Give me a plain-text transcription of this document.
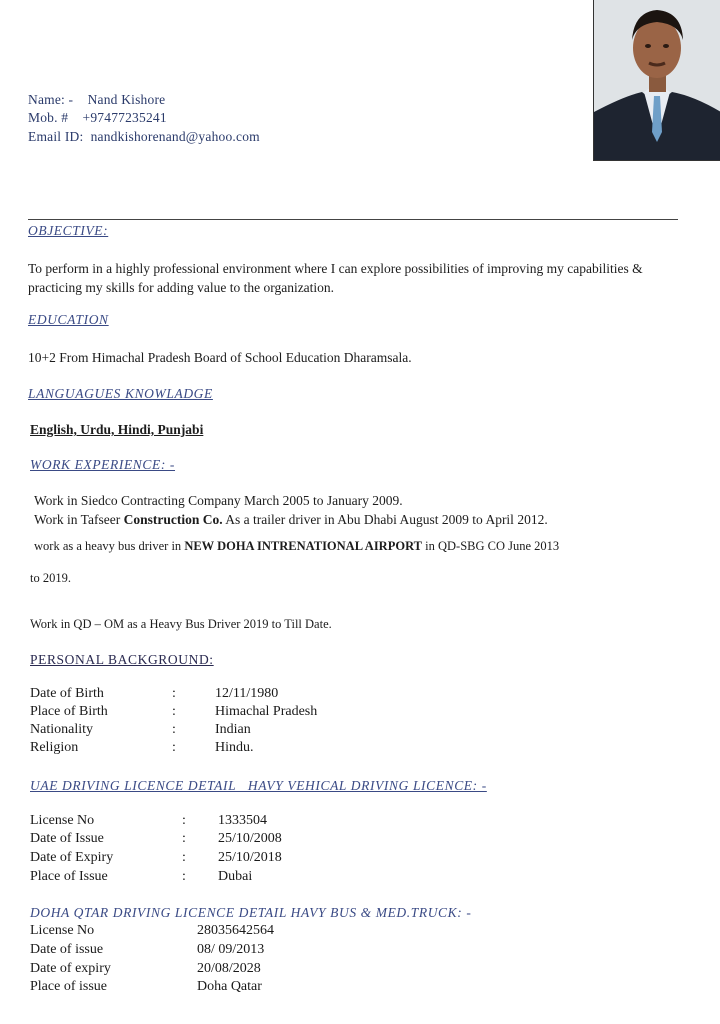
Name: - Nand Kishore
Mob. # +97477235241
Email ID: nandkishorenand@yahoo.com
OBJECTIVE:
To perform in a highly professional environment where I can explore possibilities of improving my capabilities & practicing my skills for adding value to the organization.
EDUCATION
10+2 From Himachal Pradesh Board of School Education Dharamsala.
LANGUAGUES KNOWLADGE
English, Urdu, Hindi, Punjabi
WORK EXPERIENCE: -
Work in Siedco Contracting Company March 2005 to January 2009.
Work in Tafseer Construction Co. As a trailer driver in Abu Dhabi August 2009 to April 2012.
work as a heavy bus driver in NEW DOHA INTRENATIONAL AIRPORT in QD-SBG CO June 2013
to 2019.
Work in QD – OM as a Heavy Bus Driver 2019 to Till Date.
PERSONAL BACKGROUND:
Date of Birth	:	12/11/1980
Place of Birth	:	Himachal Pradesh
Nationality	:	Indian
Religion	:	Hindu.
UAE DRIVING LICENCE DETAIL   HAVY VEHICAL DRIVING LICENCE: -
License No	: 1333504
Date of Issue	: 25/10/2008
Date of Expiry	: 25/10/2018
Place of Issue	: Dubai
DOHA QTAR DRIVING LICENCE DETAIL HAVY BUS & MED.TRUCK: -
License No	28035642564
Date of issue	08/ 09/2013
Date of expiry	20/08/2028
Place of issue	Doha Qatar
